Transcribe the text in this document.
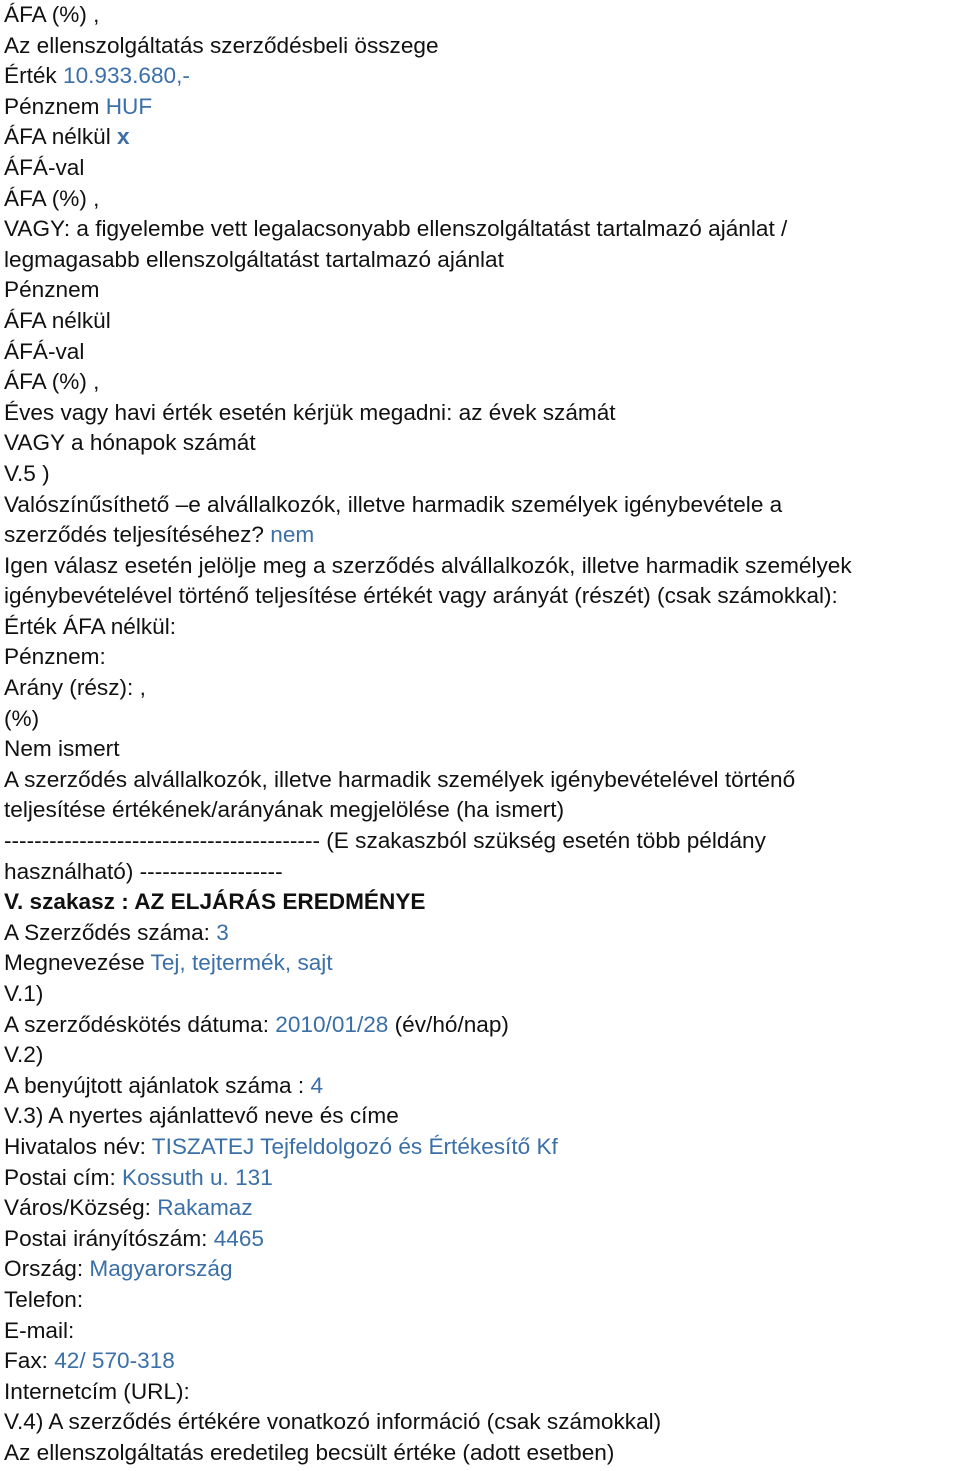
ÁFA (%) ,
Az ellenszolgáltatás szerződésbeli összege
Érték 10.933.680,-
Pénznem HUF
ÁFA nélkül x
ÁFÁ-val
ÁFA (%) ,
VAGY: a figyelembe vett legalacsonyabb ellenszolgáltatást tartalmazó ajánlat /
legmagasabb ellenszolgáltatást tartalmazó ajánlat
Pénznem
ÁFA nélkül
ÁFÁ-val
ÁFA (%) ,
Éves vagy havi érték esetén kérjük megadni: az évek számát
VAGY a hónapok számát
V.5 )
Valószínűsíthető –e alvállalkozók, illetve harmadik személyek igénybevétele a
szerződés teljesítéséhez? nem
Igen válasz esetén jelölje meg a szerződés alvállalkozók, illetve harmadik személyek
igénybevételével történő teljesítése értékét vagy arányát (részét) (csak számokkal):
Érték ÁFA nélkül:
Pénznem:
Arány (rész): ,
(%)
Nem ismert
A szerződés alvállalkozók, illetve harmadik személyek igénybevételével történő
teljesítése értékének/arányának megjelölése (ha ismert)
------------------------------------------ (E szakaszból szükség esetén több példány
használható) -------------------
V. szakasz : AZ ELJÁRÁS EREDMÉNYE
A Szerződés száma: 3
Megnevezése Tej, tejtermék, sajt
V.1)
A szerződéskötés dátuma: 2010/01/28 (év/hó/nap)
V.2)
A benyújtott ajánlatok száma : 4
V.3) A nyertes ajánlattevő neve és címe
Hivatalos név: TISZATEJ Tejfeldolgozó és Értékesítő Kf
Postai cím: Kossuth u. 131
Város/Község: Rakamaz
Postai irányítószám: 4465
Ország: Magyarország
Telefon:
E-mail:
Fax: 42/ 570-318
Internetcím (URL):
V.4) A szerződés értékére vonatkozó információ (csak számokkal)
Az ellenszolgáltatás eredetileg becsült értéke (adott esetben)
